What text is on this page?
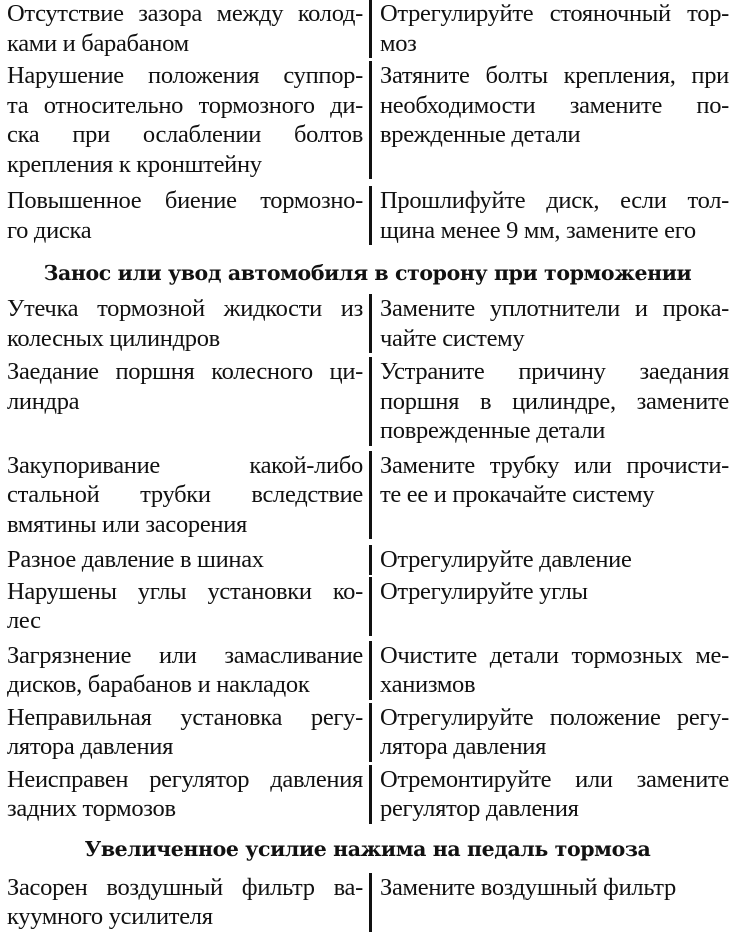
Отсутствие зазора между колод-
ками и барабаном
Отрегулируйте стояночный тор-
моз
Нарушение положения суппор-
та относительно тормозного ди-
ска при ослаблении болтов
крепления к кронштейну
Затяните болты крепления, при
необходимости замените по-
врежденные детали
Повышенное биение тормозно-
го диска
Прошлифуйте диск, если тол-
щина менее 9 мм, замените его
Занос или увод автомобиля в сторону при торможении
Утечка тормозной жидкости из
колесных цилиндров
Замените уплотнители и прока-
чайте систему
Заедание поршня колесного ци-
линдра
Устраните причину заедания
поршня в цилиндре, замените
поврежденные детали
Закупоривание какой-либо
стальной трубки вследствие
вмятины или засорения
Замените трубку или прочисти-
те ее и прокачайте систему
Разное давление в шинах	Отрегулируйте давление
Нарушены углы установки ко-
лес
Отрегулируйте углы
Загрязнение или замасливание
дисков, барабанов и накладок
Очистите детали тормозных ме-
ханизмов
Неправильная установка регу-
лятора давления
Отрегулируйте положение регу-
лятора давления
Неисправен регулятор давления
задних тормозов
Отремонтируйте или замените
регулятор давления
Увеличенное усилие нажима на педаль тормоза
Засорен воздушный фильтр ва-
куумного усилителя
Замените воздушный фильтр
